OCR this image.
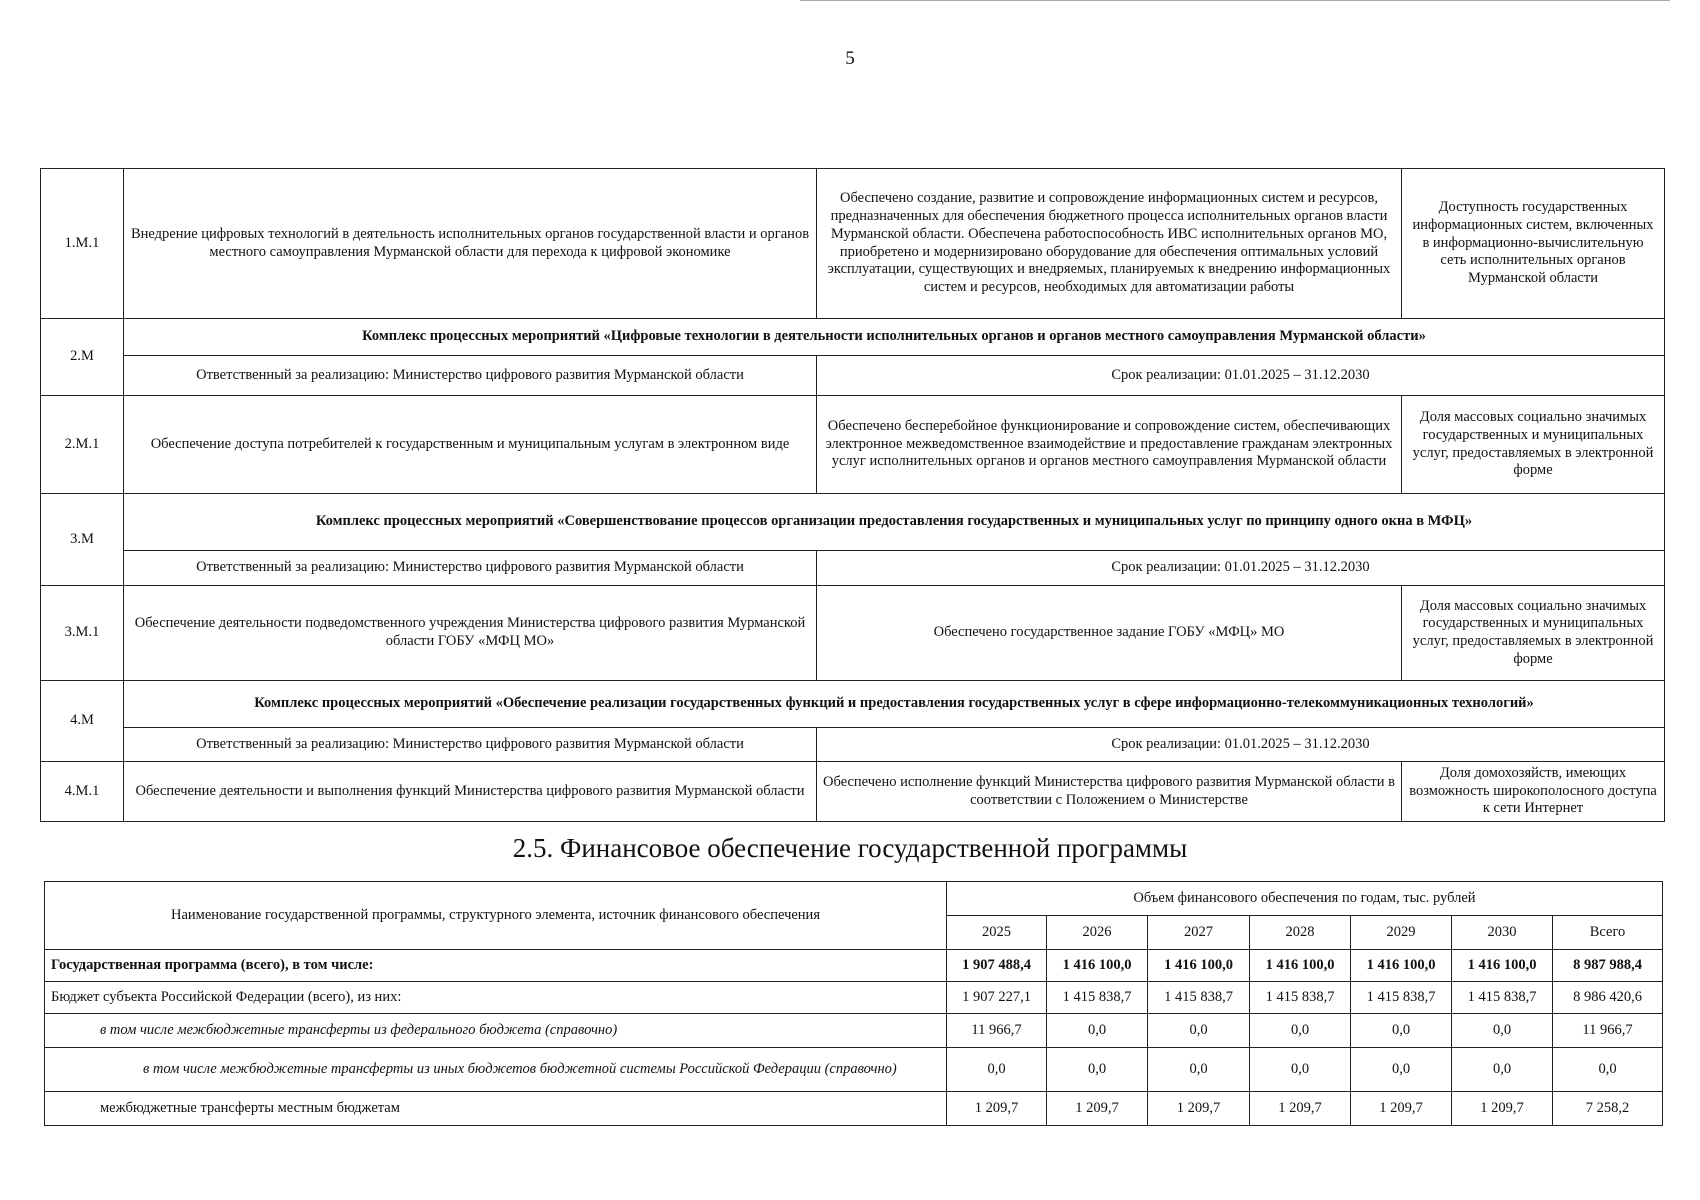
5
1.M.1	Внедрение цифровых технологий в деятельность исполнительных органов государственной власти и органов местного самоуправления Мурманской области для перехода к цифровой экономике	Обеспечено создание, развитие и сопровождение информационных систем и ресурсов, предназначенных для обеспечения бюджетного процесса исполнительных органов власти Мурманской области. Обеспечена работоспособность ИВС исполнительных органов МО, приобретено и модернизировано оборудование для обеспечения оптимальных условий эксплуатации, существующих и внедряемых, планируемых к внедрению информационных систем и ресурсов, необходимых для автоматизации работы	Доступность государственных информационных систем, включенных в информационно-вычислительную сеть исполнительных органов Мурманской области
2.M	Комплекс процессных мероприятий «Цифровые технологии в деятельности исполнительных органов и органов местного самоуправления Мурманской области»		
	Ответственный за реализацию: Министерство цифрового развития Мурманской области	Срок реализации: 01.01.2025 – 31.12.2030	
2.M.1	Обеспечение доступа потребителей к государственным и муниципальным услугам в электронном виде	Обеспечено бесперебойное функционирование и сопровождение систем, обеспечивающих электронное межведомственное взаимодействие и предоставление гражданам электронных услуг исполнительных органов и органов местного самоуправления Мурманской области	Доля массовых социально значимых государственных и муниципальных услуг, предоставляемых в электронной форме
3.M	Комплекс процессных мероприятий «Совершенствование процессов организации предоставления государственных и муниципальных услуг по принципу одного окна в МФЦ»		
	Ответственный за реализацию: Министерство цифрового развития Мурманской области	Срок реализации: 01.01.2025 – 31.12.2030	
3.M.1	Обеспечение деятельности подведомственного учреждения Министерства цифрового развития Мурманской области ГОБУ «МФЦ МО»	Обеспечено государственное задание ГОБУ «МФЦ» МО	Доля массовых социально значимых государственных и муниципальных услуг, предоставляемых в электронной форме
4.M	Комплекс процессных мероприятий «Обеспечение реализации государственных функций и предоставления государственных услуг в сфере информационно-телекоммуникационных технологий»		
	Ответственный за реализацию: Министерство цифрового развития Мурманской области	Срок реализации: 01.01.2025 – 31.12.2030	
4.M.1	Обеспечение деятельности и выполнения функций Министерства цифрового развития Мурманской области	Обеспечено исполнение функций Министерства цифрового развития Мурманской области в соответствии с Положением о Министерстве	Доля домохозяйств, имеющих возможность широкополосного доступа к сети Интернет
2.5. Финансовое обеспечение государственной программы
Наименование государственной программы, структурного элемента, источник финансового обеспечения	Объем финансового обеспечения по годам, тыс. рублей						
	2025	2026	2027	2028	2029	2030	Всего
Государственная программа (всего), в том числе:	1 907 488,4	1 416 100,0	1 416 100,0	1 416 100,0	1 416 100,0	1 416 100,0	8 987 988,4
Бюджет субъекта Российской Федерации (всего), из них:	1 907 227,1	1 415 838,7	1 415 838,7	1 415 838,7	1 415 838,7	1 415 838,7	8 986 420,6
в том числе межбюджетные трансферты из федерального бюджета (справочно)	11 966,7	0,0	0,0	0,0	0,0	0,0	11 966,7
в том числе межбюджетные трансферты из иных бюджетов бюджетной системы Российской Федерации (справочно)	0,0	0,0	0,0	0,0	0,0	0,0	0,0
межбюджетные трансферты местным бюджетам	1 209,7	1 209,7	1 209,7	1 209,7	1 209,7	1 209,7	7 258,2
